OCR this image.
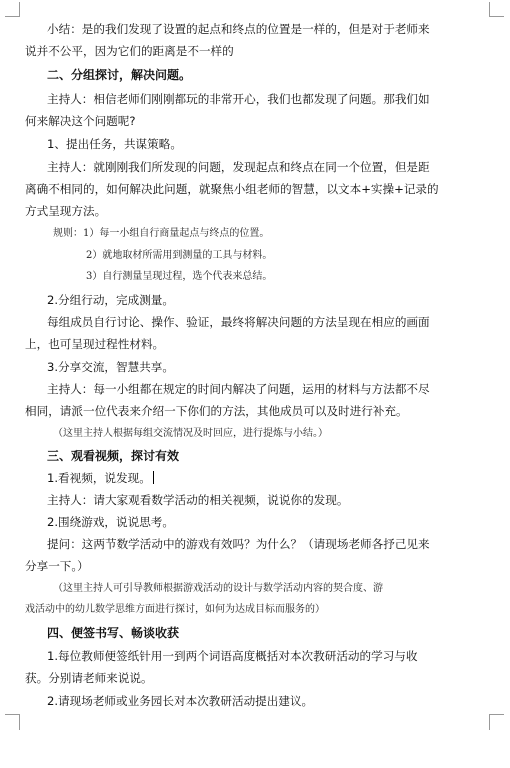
小结：是的我们发现了设置的起点和终点的位置是一样的，但是对于老师来
说并不公平，因为它们的距离是不一样的
二、分组探讨，解决问题。
主持人：相信老师们刚刚都玩的非常开心，我们也都发现了问题。那我们如
何来解决这个问题呢?
1、提出任务，共谋策略。
主持人：就刚刚我们所发现的问题，发现起点和终点在同一个位置，但是距
离确不相同的，如何解决此问题，就聚焦小组老师的智慧，以文本+实操+记录的
方式呈现方法。
规则：1）每一小组自行商量起点与终点的位置。
2）就地取材所需用到测量的工具与材料。
3）自行测量呈现过程，选个代表来总结。
2.分组行动，完成测量。
每组成员自行讨论、操作、验证，最终将解决问题的方法呈现在相应的画面
上，也可呈现过程性材料。
3.分享交流，智慧共享。
主持人：每一小组都在规定的时间内解决了问题，运用的材料与方法都不尽
相同，请派一位代表来介绍一下你们的方法，其他成员可以及时进行补充。
（这里主持人根据每组交流情况及时回应，进行提炼与小结。）
三、观看视频，探讨有效
1.看视频，说发现。
主持人：请大家观看数学活动的相关视频，说说你的发现。
2.围绕游戏，说说思考。
提问：这两节数学活动中的游戏有效吗？为什么？（请现场老师各抒己见来
分享一下。）
（这里主持人可引导教师根据游戏活动的设计与数学活动内容的契合度、游
戏活动中的幼儿数学思维方面进行探讨，如何为达成目标而服务的）
四、便签书写、畅谈收获
1.每位教师便签纸针用一到两个词语高度概括对本次教研活动的学习与收
获。分别请老师来说说。
2.请现场老师或业务园长对本次教研活动提出建议。
